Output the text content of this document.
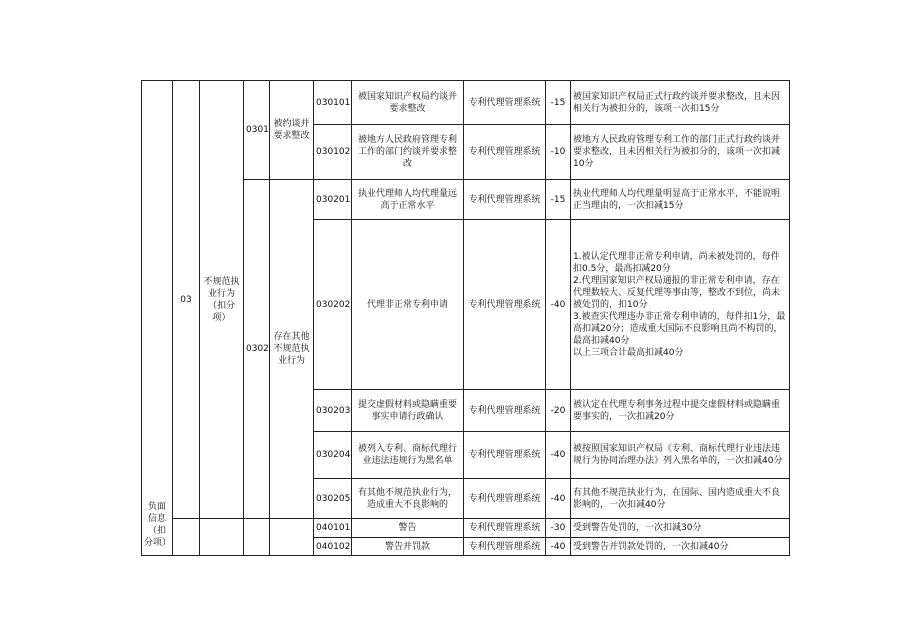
负面信息（扣分项）	03	不规范执业行为（扣分项）	0301	被约谈并要求整改	030101	被国家知识产权局约谈并要求整改	专利代理管理系统	-15	被国家知识产权局正式行政约谈并要求整改，且未因相关行为被扣分的，该项一次扣15分
					030102	被地方人民政府管理专利工作的部门约谈并要求整改	专利代理管理系统	-10	被地方人民政府管理专利工作的部门正式行政约谈并要求整改，且未因相关行为被扣分的，该项一次扣减10分
			0302	存在其他不规范执业行为	030201	执业代理师人均代理量远高于正常水平	专利代理管理系统	-15	执业代理师人均代理量明显高于正常水平，不能说明正当理由的，一次扣减15分
					030202	代理非正常专利申请	专利代理管理系统	-40	1.被认定代理非正常专利申请，尚未被处罚的，每件扣0.5分，最高扣减20分
2.代理国家知识产权局通报的非正常专利申请，存在代理数较大、反复代理等事由等，整改不到位，尚未被处罚的，扣10分
3.被查实代理违办非正常专利申请的，每件扣1分，最高扣减20分；造成重大国际不良影响且尚不构罚的，最高扣减40分
以上三项合计最高扣减40分

					030203	提交虚假材料或隐瞒重要事实申请行政确认	专利代理管理系统	-20	被认定在代理专利事务过程中提交虚假材料或隐瞒重要事实的，一次扣减20分
					030204	被列入专利、商标代理行业违法违规行为黑名单	专利代理管理系统	-40	被按照国家知识产权局《专利、商标代理行业违法违规行为协同治理办法》列入黑名单的，一次扣减40分
					030205	有其他不规范执业行为，造成重大不良影响的	专利代理管理系统	-40	有其他不规范执业行为，在国际、国内造成重大不良影响的，一次扣减40分
					040101	警告	专利代理管理系统	-30	受到警告处罚的，一次扣减30分
					040102	警告并罚款	专利代理管理系统	-40	受到警告并罚款处罚的，一次扣减40分
